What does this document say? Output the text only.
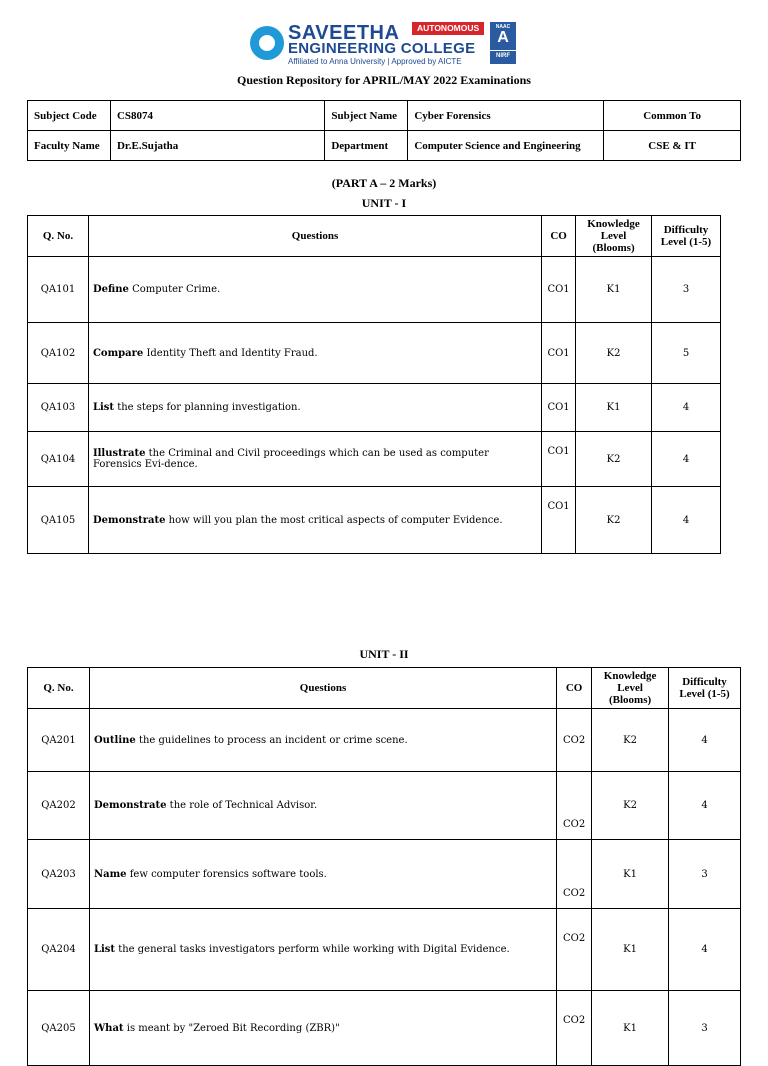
SAVEETHA
ENGINEERING COLLEGE
Affiliated to Anna University | Approved by AICTE
AUTONOMOUS	NAAC
A
NIRF
Question Repository for APRIL/MAY 2022 Examinations
Subject Code	CS8074	Subject Name	Cyber Forensics	Common To
Faculty Name	Dr.E.Sujatha	Department	Computer Science and Engineering	CSE & IT
(PART A – 2 Marks)
UNIT - I
Q. No.	Questions	CO	Knowledge
Level
(Blooms)	Difficulty
Level (1-5)
QA101	Define Computer Crime.	CO1	K1	3
QA102	Compare Identity Theft and Identity Fraud.	CO1	K2	5
QA103	List the steps for planning investigation.	CO1	K1	4
QA104	Illustrate the Criminal and Civil proceedings which can be used as computer Forensics Evi-dence.	CO1	K2	4
QA105	Demonstrate how will you plan the most critical aspects of computer Evidence.	CO1	K2	4
UNIT - II
Q. No.	Questions	CO	Knowledge
Level
(Blooms)	Difficulty
Level (1-5)
QA201	Outline the guidelines to process an incident or crime scene.	CO2	K2	4
QA202	Demonstrate the role of Technical Advisor.	CO2	K2	4
QA203	Name few computer forensics software tools.	CO2	K1	3
QA204	List the general tasks investigators perform while working with Digital Evidence.	CO2	K1	4
QA205	What is meant by "Zeroed Bit Recording (ZBR)"	CO2	K1	3
